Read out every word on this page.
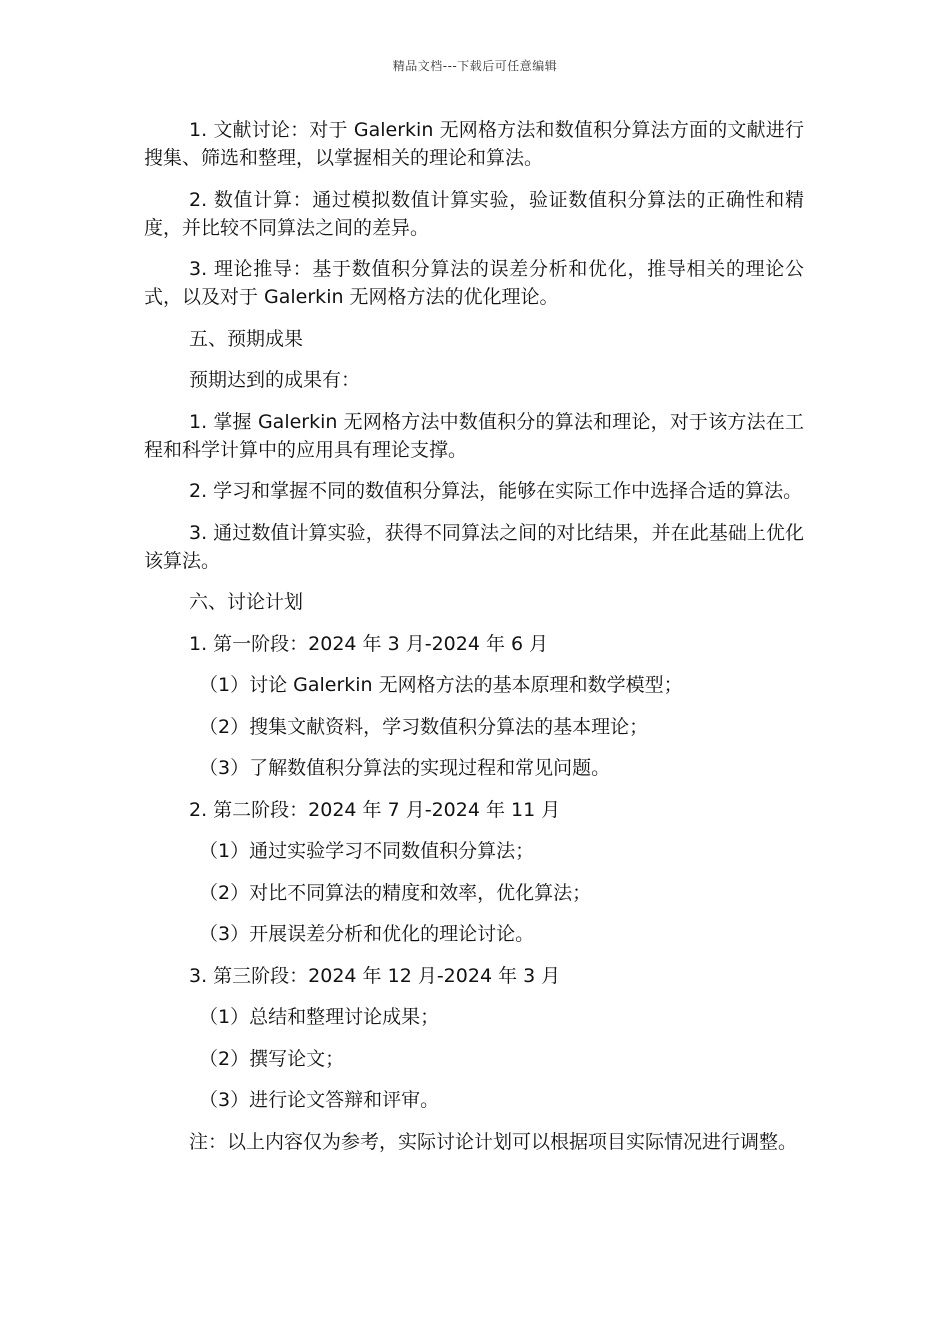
精品文档---下载后可任意编辑

1. 文献讨论：对于 Galerkin 无网格方法和数值积分算法方面的文献进行搜集、筛选和整理，以掌握相关的理论和算法。

2. 数值计算：通过模拟数值计算实验，验证数值积分算法的正确性和精度，并比较不同算法之间的差异。

3. 理论推导：基于数值积分算法的误差分析和优化，推导相关的理论公式，以及对于 Galerkin 无网格方法的优化理论。

五、预期成果

预期达到的成果有：

1. 掌握 Galerkin 无网格方法中数值积分的算法和理论，对于该方法在工程和科学计算中的应用具有理论支撑。

2. 学习和掌握不同的数值积分算法，能够在实际工作中选择合适的算法。

3. 通过数值计算实验，获得不同算法之间的对比结果，并在此基础上优化该算法。

六、讨论计划

1. 第一阶段：2024 年 3 月-2024 年 6 月

（1）讨论 Galerkin 无网格方法的基本原理和数学模型；

（2）搜集文献资料，学习数值积分算法的基本理论；

（3）了解数值积分算法的实现过程和常见问题。

2. 第二阶段：2024 年 7 月-2024 年 11 月

（1）通过实验学习不同数值积分算法；

（2）对比不同算法的精度和效率，优化算法；

（3）开展误差分析和优化的理论讨论。

3. 第三阶段：2024 年 12 月-2024 年 3 月

（1）总结和整理讨论成果；

（2）撰写论文；

（3）进行论文答辩和评审。

注：以上内容仅为参考，实际讨论计划可以根据项目实际情况进行调整。
